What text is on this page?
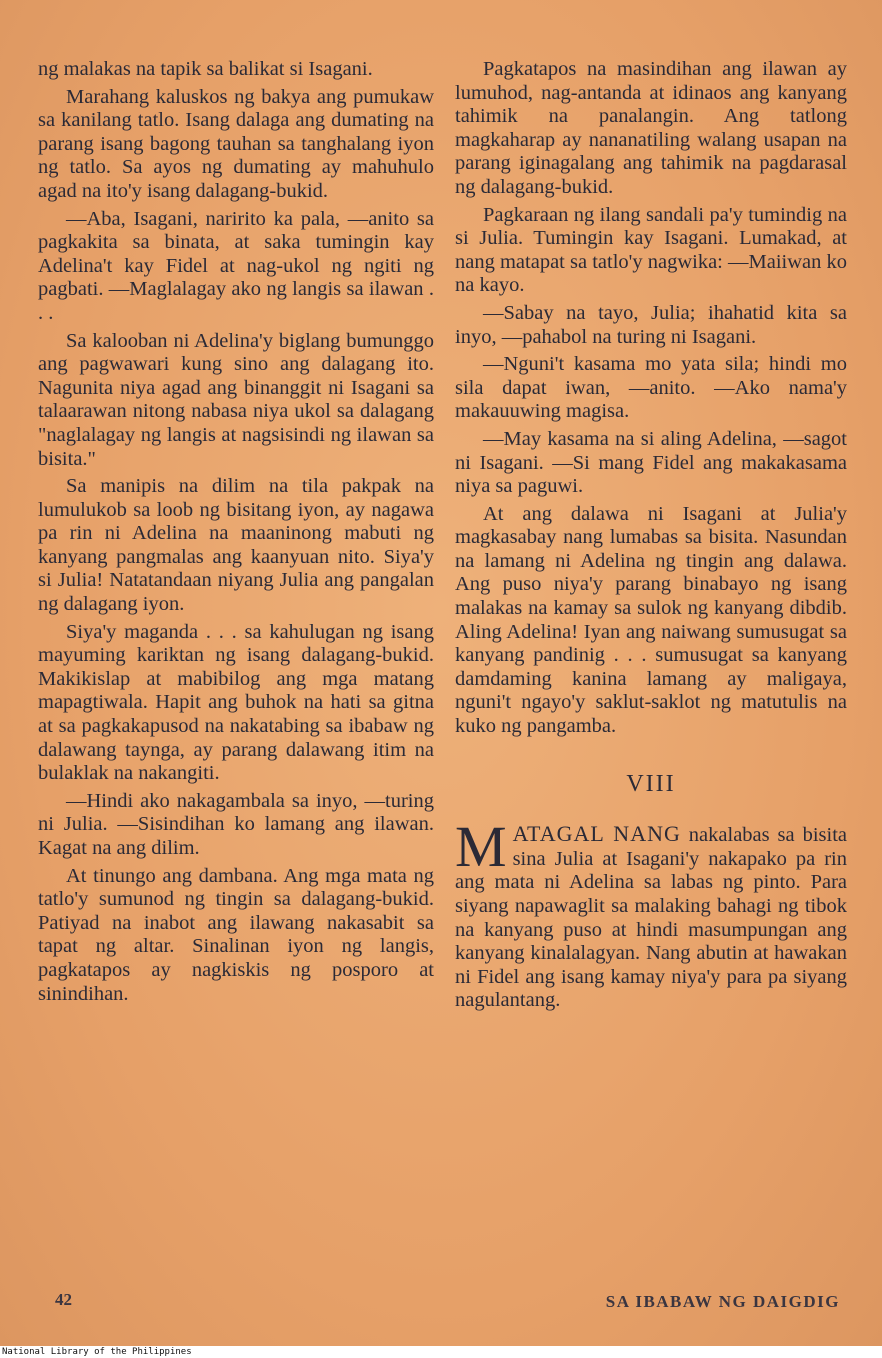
ng malakas na tapik sa balikat si Isagani.

Marahang kaluskos ng bakya ang pumukaw sa kanilang tatlo. Isang dalaga ang dumating na parang isang bagong tauhan sa tanghalang iyon ng tatlo. Sa ayos ng dumating ay mahuhulo agad na ito'y isang dalagang-bukid.

—Aba, Isagani, naririto ka pala, —anito sa pagkakita sa binata, at saka tumingin kay Adelina't kay Fidel at nag-ukol ng ngiti ng pagbati. —Maglalagay ako ng langis sa ilawan . . .

Sa kalooban ni Adelina'y biglang bumunggo ang pagwawari kung sino ang dalagang ito. Nagunita niya agad ang binanggit ni Isagani sa talaarawan nitong nabasa niya ukol sa dalagang "naglalagay ng langis at nagsisindi ng ilawan sa bisita."

Sa manipis na dilim na tila pakpak na lumulukob sa loob ng bisitang iyon, ay nagawa pa rin ni Adelina na maaninong mabuti ng kanyang pangmalas ang kaanyuan nito. Siya'y si Julia! Natatandaan niyang Julia ang pangalan ng dalagang iyon.

Siya'y maganda . . . sa kahulugan ng isang mayuming kariktan ng isang dalagang-bukid. Makikislap at mabibilog ang mga matang mapagtiwala. Hapit ang buhok na hati sa gitna at sa pagkakapusod na nakatabing sa ibabaw ng dalawang taynga, ay parang dalawang itim na bulaklak na nakangiti.

—Hindi ako nakagambala sa inyo, —turing ni Julia. —Sisindihan ko lamang ang ilawan. Kagat na ang dilim.

At tinungo ang dambana. Ang mga mata ng tatlo'y sumunod ng tingin sa dalagang-bukid. Patiyad na inabot ang ilawang nakasabit sa tapat ng altar. Sinalinan iyon ng langis, pagkatapos ay nagkiskis ng posporo at sinindihan.

Pagkatapos na masindihan ang ilawan ay lumuhod, nag-antanda at idinaos ang kanyang tahimik na panalangin. Ang tatlong magkaharap ay nananatiling walang usapan na parang iginagalang ang tahimik na pagdarasal ng dalagang-bukid.

Pagkaraan ng ilang sandali pa'y tumindig na si Julia. Tumingin kay Isagani. Lumakad, at nang matapat sa tatlo'y nagwika: —Maiiwan ko na kayo.

—Sabay na tayo, Julia; ihahatid kita sa inyo, —pahabol na turing ni Isagani.

—Nguni't kasama mo yata sila; hindi mo sila dapat iwan, —anito. —Ako nama'y makauuwing magisa.

—May kasama na si aling Adelina, —sagot ni Isagani. —Si mang Fidel ang makakasama niya sa paguwi.

At ang dalawa ni Isagani at Julia'y magkasabay nang lumabas sa bisita. Nasundan na lamang ni Adelina ng tingin ang dalawa. Ang puso niya'y parang binabayo ng isang malakas na kamay sa sulok ng kanyang dibdib. Aling Adelina! Iyan ang naiwang sumusugat sa kanyang pandinig . . . sumusugat sa kanyang damdaming kanina lamang ay maligaya, nguni't ngayo'y saklut-saklot ng matutulis na kuko ng pangamba.

VIII

MATAGAL NANG nakalabas sa bisita sina Julia at Isagani'y nakapako pa rin ang mata ni Adelina sa labas ng pinto. Para siyang napawaglit sa malaking bahagi ng tibok na kanyang puso at hindi masumpungan ang kanyang kinalalagyan. Nang abutin at hawakan ni Fidel ang isang kamay niya'y para pa siyang nagulantang.

42	SA IBABAW NG DAIGDIG
National Library of the Philippines
